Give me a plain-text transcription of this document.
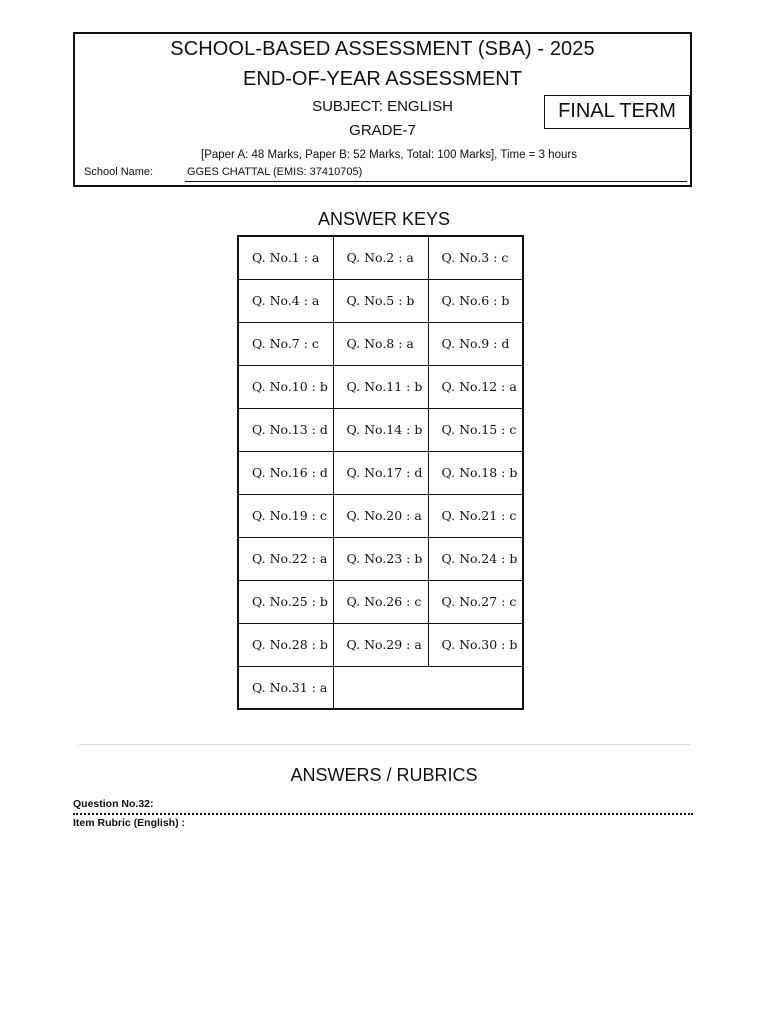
SCHOOL-BASED ASSESSMENT (SBA) - 2025
END-OF-YEAR ASSESSMENT
SUBJECT: ENGLISH
GRADE-7
FINAL TERM
[Paper A: 48 Marks, Paper B: 52 Marks, Total: 100 Marks], Time = 3 hours
School Name:	GGES CHATTAL (EMIS: 37410705)
ANSWER KEYS
Q. No.1 : a	Q. No.2 : a	Q. No.3 : c
Q. No.4 : a	Q. No.5 : b	Q. No.6 : b
Q. No.7 : c	Q. No.8 : a	Q. No.9 : d
Q. No.10 : b	Q. No.11 : b	Q. No.12 : a
Q. No.13 : d	Q. No.14 : b	Q. No.15 : c
Q. No.16 : d	Q. No.17 : d	Q. No.18 : b
Q. No.19 : c	Q. No.20 : a	Q. No.21 : c
Q. No.22 : a	Q. No.23 : b	Q. No.24 : b
Q. No.25 : b	Q. No.26 : c	Q. No.27 : c
Q. No.28 : b	Q. No.29 : a	Q. No.30 : b
Q. No.31 : a		
ANSWERS / RUBRICS
Question No.32:
Item Rubric (English) :
